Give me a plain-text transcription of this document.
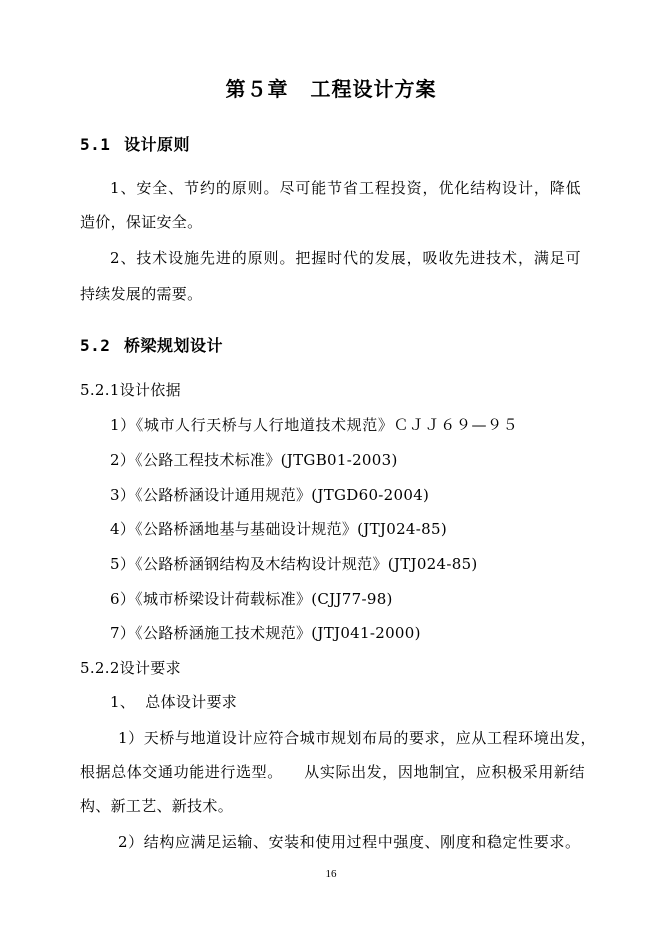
第５章 工程设计方案
5.1 设计原则
1、安全、节约的原则。尽可能节省工程投资，优化结构设计，降低
造价，保证安全。
2、技术设施先进的原则。把握时代的发展，吸收先进技术，满足可
持续发展的需要。
5.2 桥梁规划设计
5.2.1设计依据
1）《城市人行天桥与人行地道技术规范》ＣＪＪ６９—９５
2）《公路工程技术标准》(JTGB01-2003)
3）《公路桥涵设计通用规范》(JTGD60-2004)
4）《公路桥涵地基与基础设计规范》(JTJ024-85)
5）《公路桥涵钢结构及木结构设计规范》(JTJ024-85)
6）《城市桥梁设计荷载标准》(CJJ77-98)
7）《公路桥涵施工技术规范》(JTJ041-2000)
5.2.2设计要求
1、  总体设计要求
1）天桥与地道设计应符合城市规划布局的要求，应从工程环境出发，
根据总体交通功能进行选型。    从实际出发，因地制宜，应积极采用新结
构、新工艺、新技术。
2）结构应满足运输、安装和使用过程中强度、刚度和稳定性要求。
16
